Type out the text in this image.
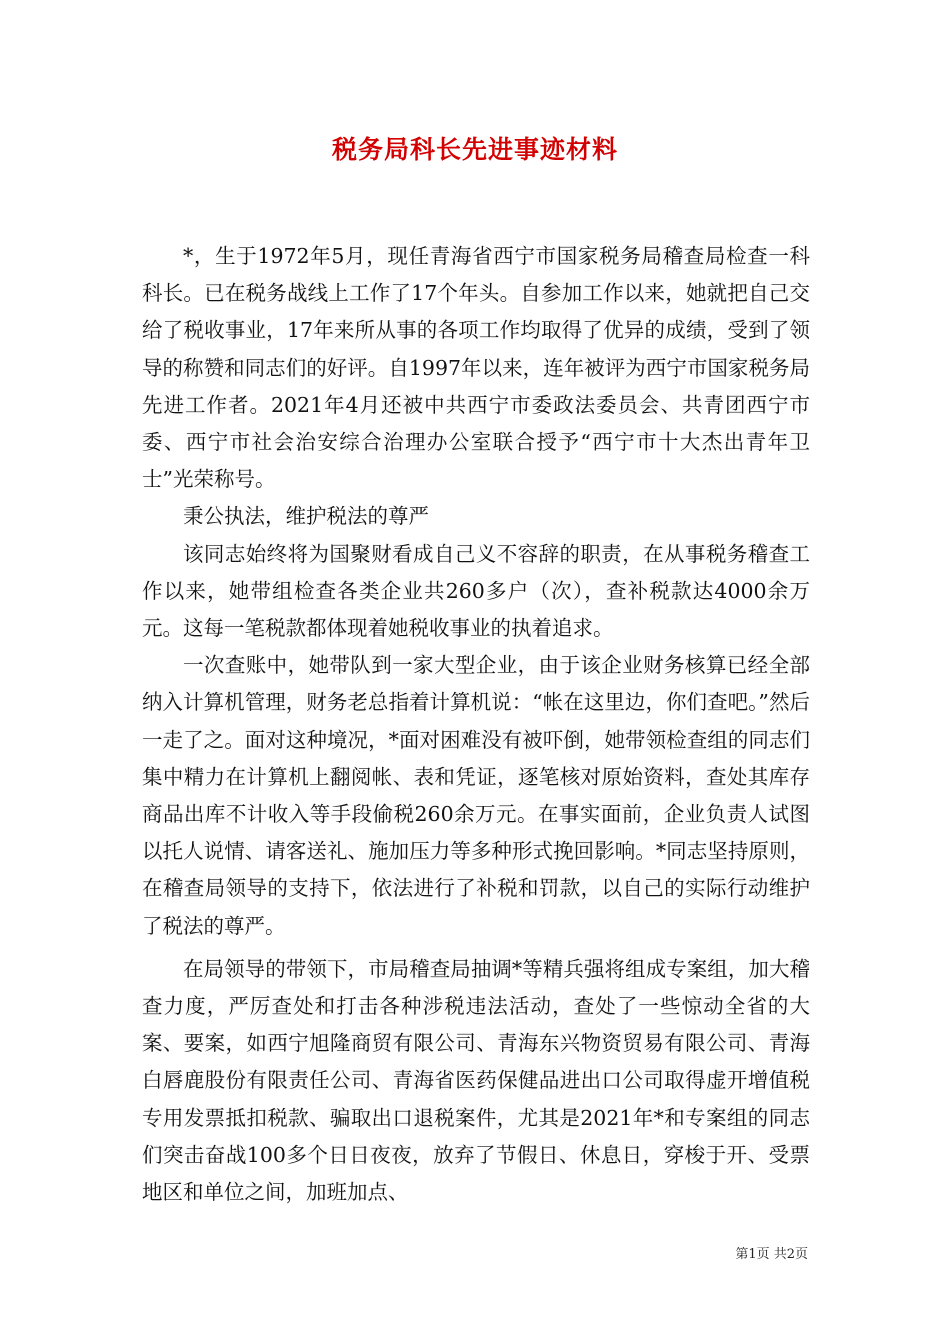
税务局科长先进事迹材料

*，生于1972年5月，现任青海省西宁市国家税务局稽查局检查一科科长。已在税务战线上工作了17个年头。自参加工作以来，她就把自己交给了税收事业，17年来所从事的各项工作均取得了优异的成绩，受到了领导的称赞和同志们的好评。自1997年以来，连年被评为西宁市国家税务局先进工作者。2021年4月还被中共西宁市委政法委员会、共青团西宁市委、西宁市社会治安综合治理办公室联合授予“西宁市十大杰出青年卫士”光荣称号。

秉公执法，维护税法的尊严

该同志始终将为国聚财看成自己义不容辞的职责，在从事税务稽查工作以来，她带组检查各类企业共260多户（次），查补税款达4000余万元。这每一笔税款都体现着她税收事业的执着追求。

一次查账中，她带队到一家大型企业，由于该企业财务核算已经全部纳入计算机管理，财务老总指着计算机说：“帐在这里边，你们查吧。”然后一走了之。面对这种境况，*面对困难没有被吓倒，她带领检查组的同志们集中精力在计算机上翻阅帐、表和凭证，逐笔核对原始资料，查处其库存商品出库不计收入等手段偷税260余万元。在事实面前，企业负责人试图以托人说情、请客送礼、施加压力等多种形式挽回影响。*同志坚持原则，在稽查局领导的支持下，依法进行了补税和罚款，以自己的实际行动维护了税法的尊严。

在局领导的带领下，市局稽查局抽调*等精兵强将组成专案组，加大稽查力度，严厉查处和打击各种涉税违法活动，查处了一些惊动全省的大案、要案，如西宁旭隆商贸有限公司、青海东兴物资贸易有限公司、青海白唇鹿股份有限责任公司、青海省医药保健品进出口公司取得虚开增值税专用发票抵扣税款、骗取出口退税案件，尤其是2021年*和专案组的同志们突击奋战100多个日日夜夜，放弃了节假日、休息日，穿梭于开、受票地区和单位之间，加班加点、

第1页 共2页
